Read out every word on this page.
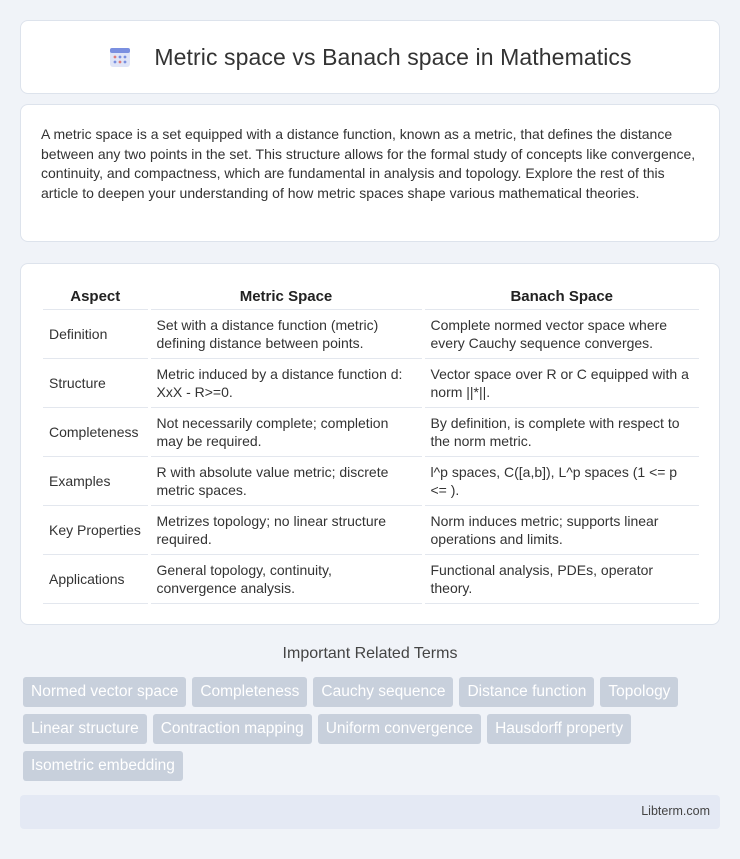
Metric space vs Banach space in Mathematics

A metric space is a set equipped with a distance function, known as a metric, that defines the distance between any two points in the set. This structure allows for the formal study of concepts like convergence, continuity, and compactness, which are fundamental in analysis and topology. Explore the rest of this article to deepen your understanding of how metric spaces shape various mathematical theories.

Aspect	Metric Space	Banach Space
Definition	Set with a distance function (metric) defining distance between points.	Complete normed vector space where every Cauchy sequence converges.
Structure	Metric induced by a distance function d: XxX - R>=0.	Vector space over R or C equipped with a norm ||*||.
Completeness	Not necessarily complete; completion may be required.	By definition, is complete with respect to the norm metric.
Examples	R with absolute value metric; discrete metric spaces.	l^p spaces, C([a,b]), L^p spaces (1 <= p <= ).
Key Properties	Metrizes topology; no linear structure required.	Norm induces metric; supports linear operations and limits.
Applications	General topology, continuity, convergence analysis.	Functional analysis, PDEs, operator theory.
Important Related Terms
Normed vector space	Completeness	Cauchy sequence	Distance function	Topology
Linear structure	Contraction mapping	Uniform convergence	Hausdorff property
Isometric embedding
Libterm.com
